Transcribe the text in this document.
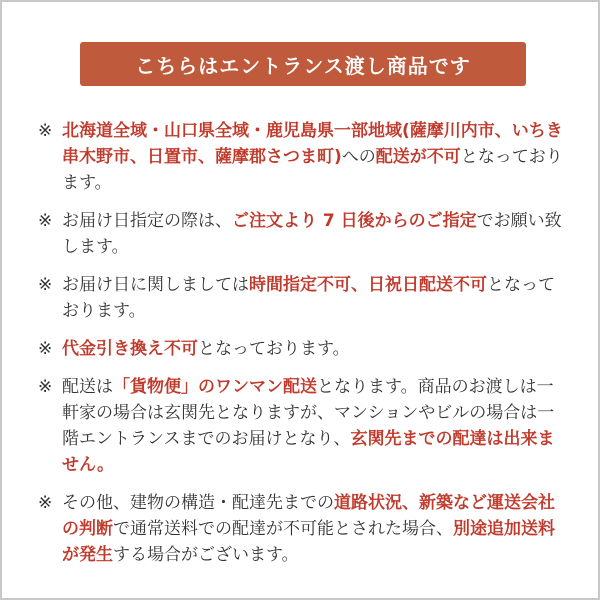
こちらはエントランス渡し商品です
※ 北海道全域・山口県全域・鹿児島県一部地域(薩摩川内市、いちき串木野市、日置市、薩摩郡さつま町)への配送が不可となっております。
※ お届け日指定の際は、ご注文より 7 日後からのご指定でお願い致します。
※ お届け日に関しましては時間指定不可、日祝日配送不可となっております。
※ 代金引き換え不可となっております。
※ 配送は「貨物便」のワンマン配送となります。商品のお渡しは一軒家の場合は玄関先となりますが、マンションやビルの場合は一階エントランスまでのお届けとなり、玄関先までの配達は出来ません。
※ その他、建物の構造・配達先までの道路状況、新築など運送会社の判断で通常送料での配達が不可能とされた場合、別途追加送料が発生する場合がございます。
